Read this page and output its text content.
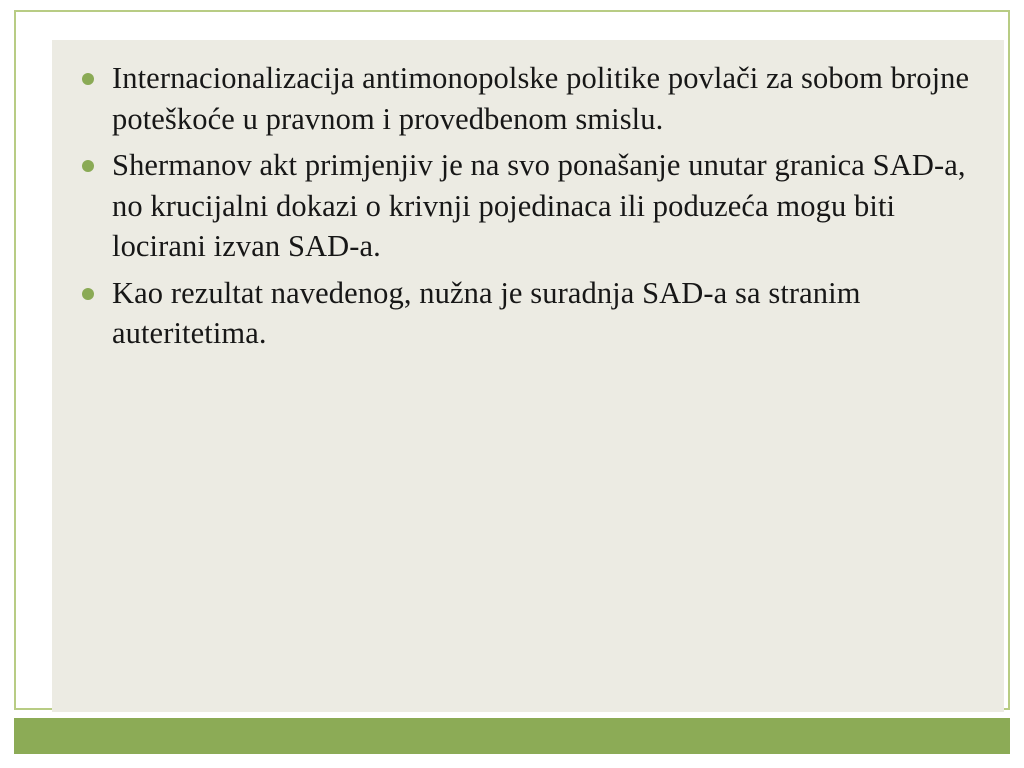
Internacionalizacija antimonopolske politike povlači za sobom brojne poteškoće u pravnom i provedbenom smislu.
Shermanov akt primjenjiv je na svo ponašanje unutar granica SAD-a, no krucijalni dokazi o krivnji pojedinaca ili poduzeća mogu biti locirani izvan SAD-a.
Kao rezultat navedenog, nužna je suradnja SAD-a sa stranim auteritetima.
